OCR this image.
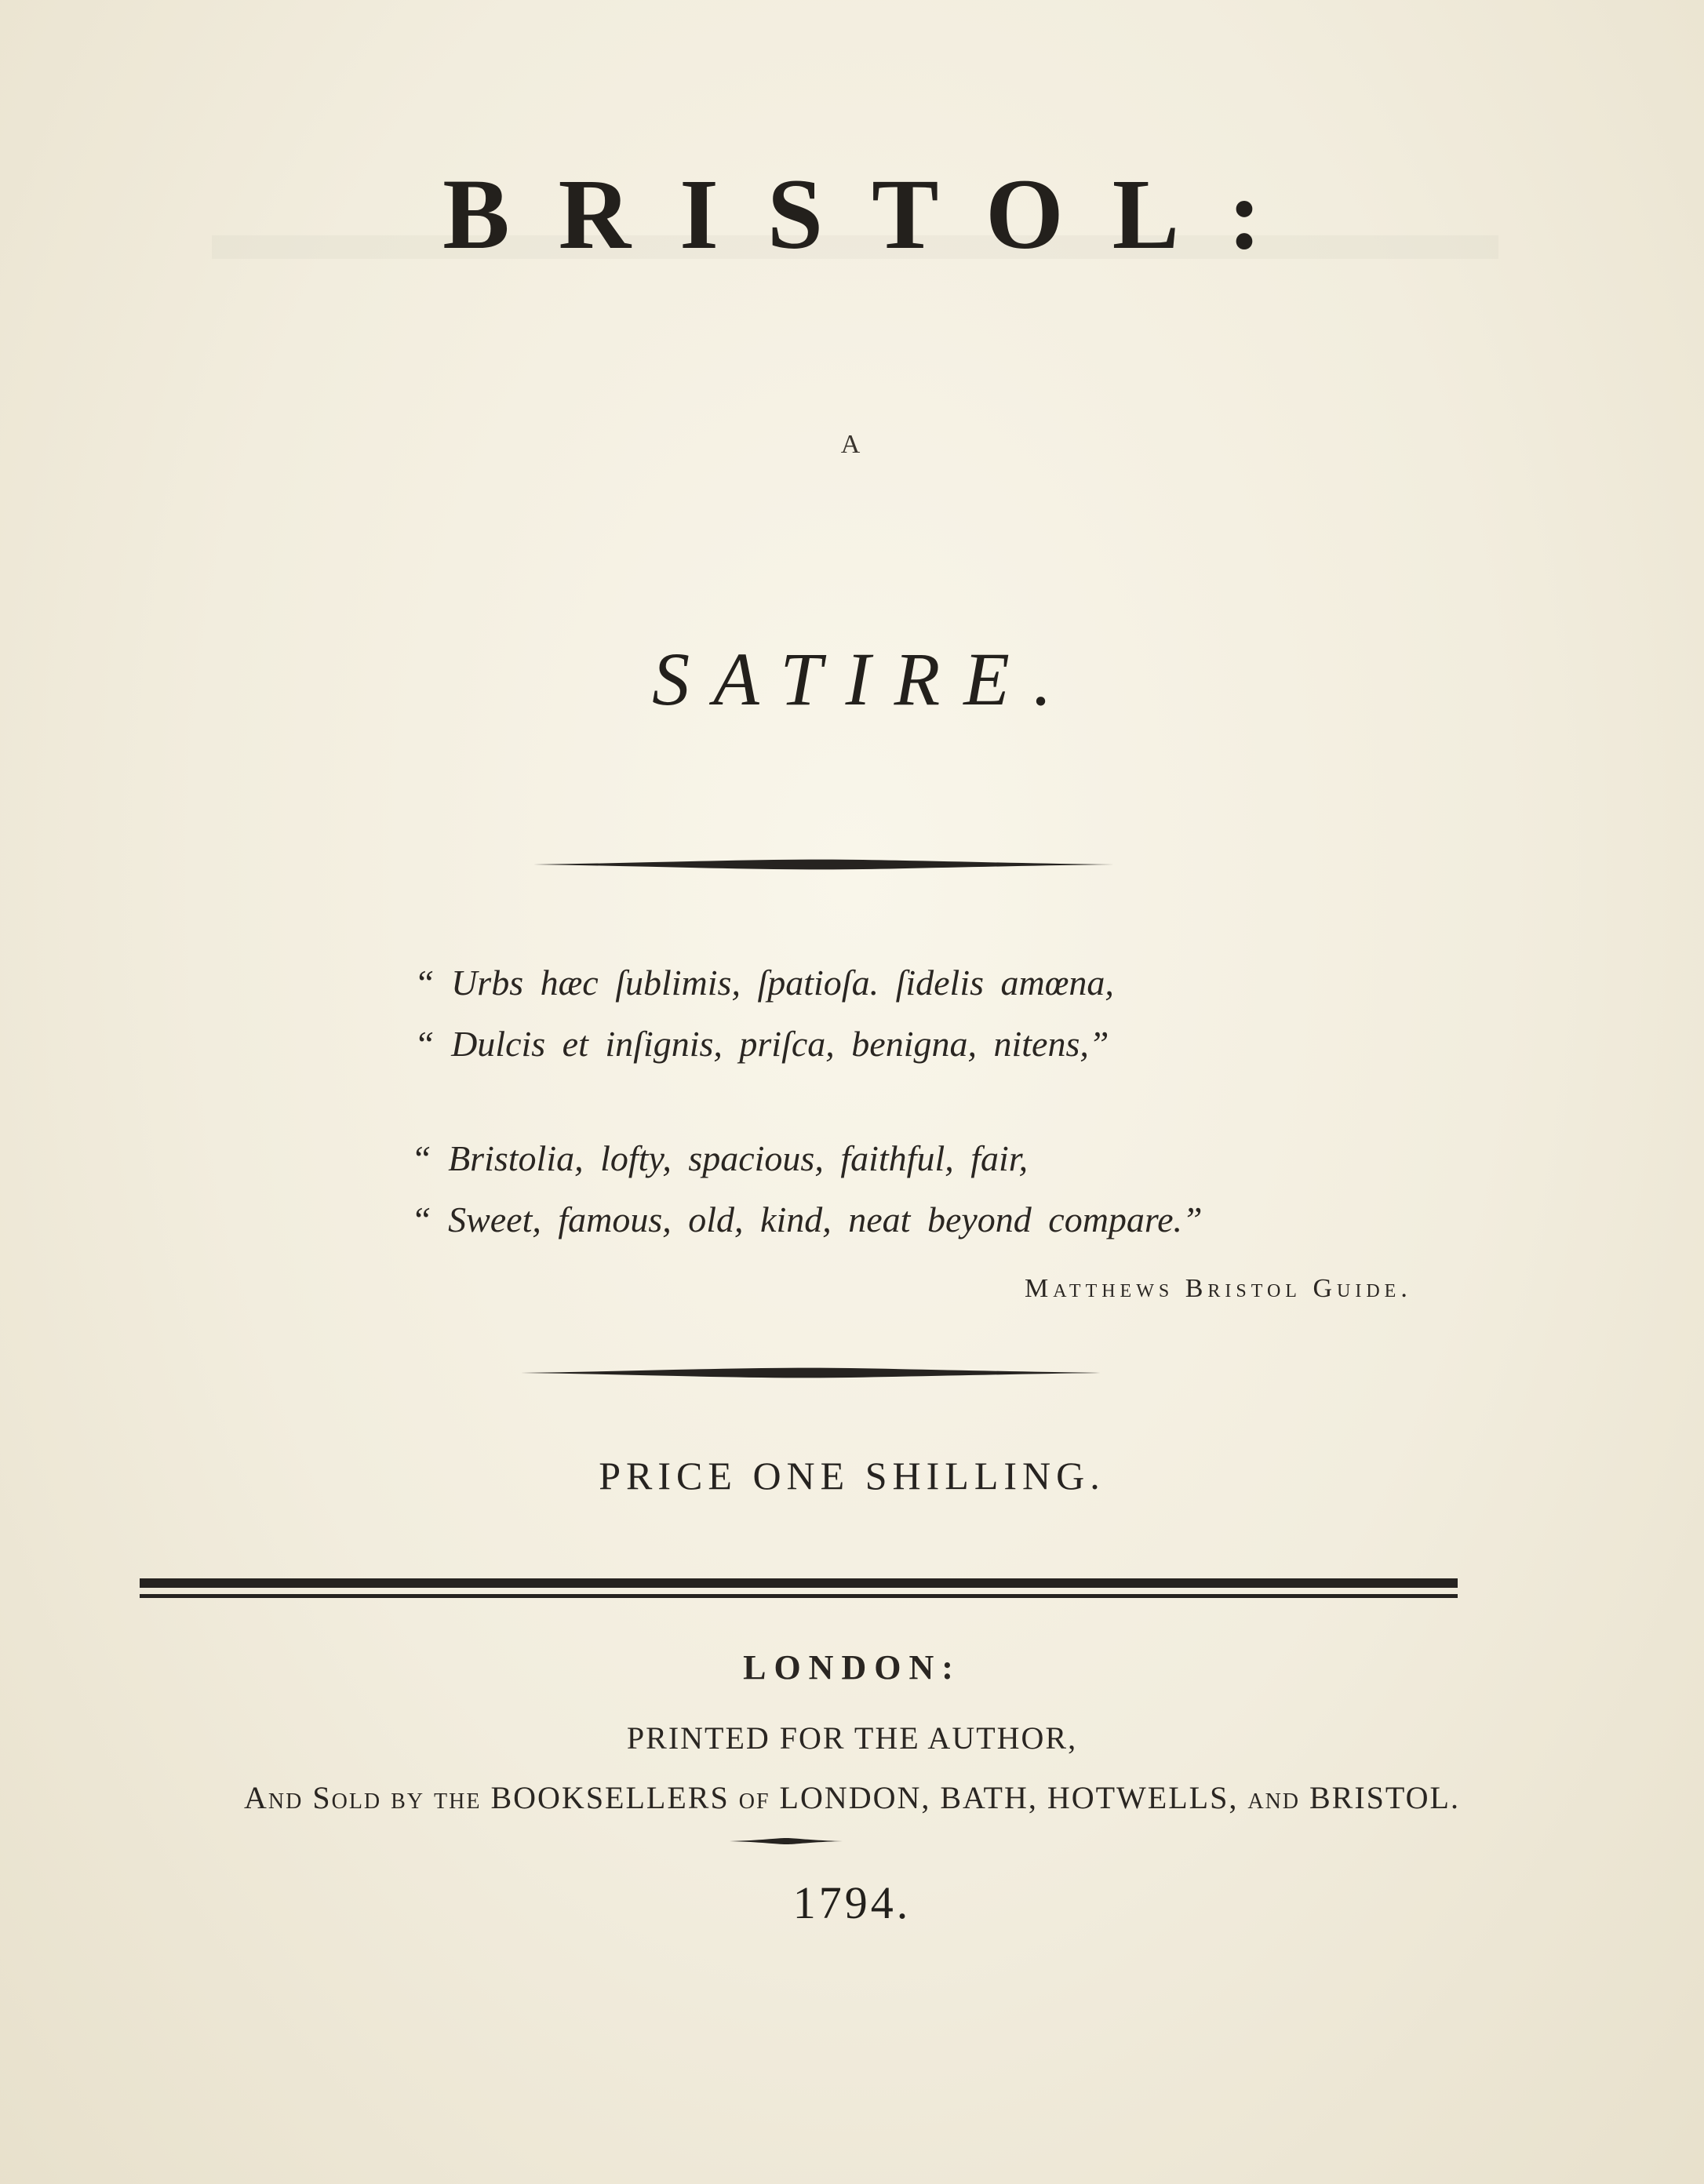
BRISTOL:
A
SATIRE.
“ Urbs hæc ſublimis, ſpatioſa. ſidelis amœna,
“ Dulcis et inſignis, priſca, benigna, nitens,”
“ Bristolia, lofty, spacious, faithful, fair,
“ Sweet, famous, old, kind, neat beyond compare.”
Matthews Bristol Guide.
PRICE ONE SHILLING.
LONDON:
PRINTED FOR THE AUTHOR,
And Sold by the BOOKSELLERS of LONDON, BATH, HOTWELLS, and BRISTOL.
1794.
